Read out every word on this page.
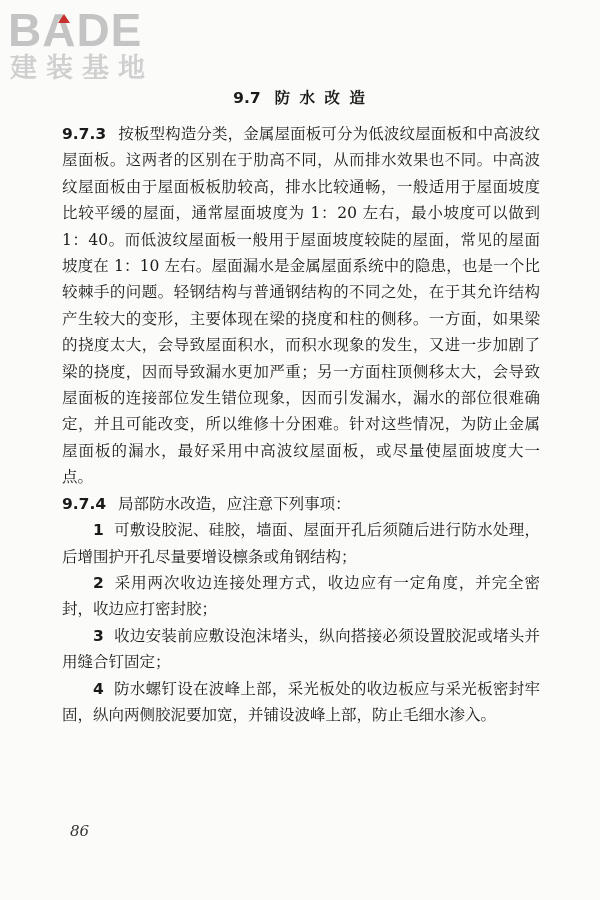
BADE
建装基地
9.7 防 水 改 造

9.7.3 按板型构造分类，金属屋面板可分为低波纹屋面板和中高波纹屋面板。这两者的区别在于肋高不同，从而排水效果也不同。中高波纹屋面板由于屋面板板肋较高，排水比较通畅，一般适用于屋面坡度比较平缓的屋面，通常屋面坡度为 1：20 左右，最小坡度可以做到 1：40。而低波纹屋面板一般用于屋面坡度较陡的屋面，常见的屋面坡度在 1：10 左右。屋面漏水是金属屋面系统中的隐患，也是一个比较棘手的问题。轻钢结构与普通钢结构的不同之处，在于其允许结构产生较大的变形，主要体现在梁的挠度和柱的侧移。一方面，如果梁的挠度太大，会导致屋面积水，而积水现象的发生，又进一步加剧了梁的挠度，因而导致漏水更加严重；另一方面柱顶侧移太大，会导致屋面板的连接部位发生错位现象，因而引发漏水，漏水的部位很难确定，并且可能改变，所以维修十分困难。针对这些情况，为防止金属屋面板的漏水，最好采用中高波纹屋面板，或尽量使屋面坡度大一点。

9.7.4 局部防水改造，应注意下列事项：

1 可敷设胶泥、硅胶，墙面、屋面开孔后须随后进行防水处理，后增围护开孔尽量要增设檩条或角钢结构；

2 采用两次收边连接处理方式，收边应有一定角度，并完全密封，收边应打密封胶；

3 收边安装前应敷设泡沫堵头，纵向搭接必须设置胶泥或堵头并用缝合钉固定；

4 防水螺钉设在波峰上部，采光板处的收边板应与采光板密封牢固，纵向两侧胶泥要加宽，并铺设波峰上部，防止毛细水渗入。

86
